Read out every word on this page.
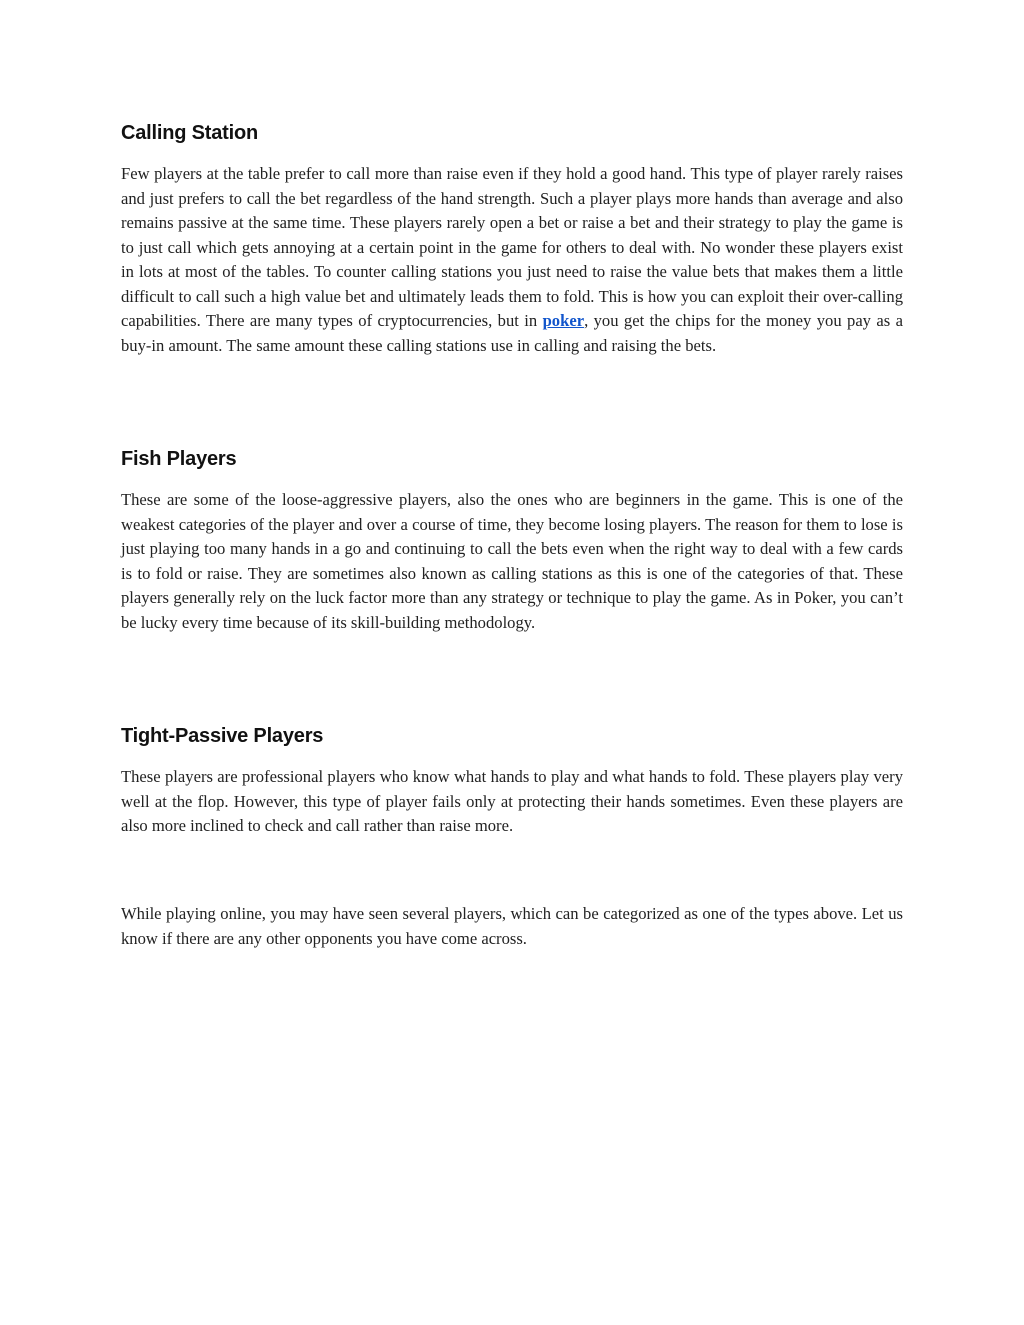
Calling Station

Few players at the table prefer to call more than raise even if they hold a good hand. This type of player rarely raises and just prefers to call the bet regardless of the hand strength. Such a player plays more hands than average and also remains passive at the same time. These players rarely open a bet or raise a bet and their strategy to play the game is to just call which gets annoying at a certain point in the game for others to deal with. No wonder these players exist in lots at most of the tables. To counter calling stations you just need to raise the value bets that makes them a little difficult to call such a high value bet and ultimately leads them to fold. This is how you can exploit their over-calling capabilities. There are many types of cryptocurrencies, but in poker, you get the chips for the money you pay as a buy-in amount. The same amount these calling stations use in calling and raising the bets.

Fish Players

These are some of the loose-aggressive players, also the ones who are beginners in the game. This is one of the weakest categories of the player and over a course of time, they become losing players. The reason for them to lose is just playing too many hands in a go and continuing to call the bets even when the right way to deal with a few cards is to fold or raise. They are sometimes also known as calling stations as this is one of the categories of that. These players generally rely on the luck factor more than any strategy or technique to play the game. As in Poker, you can’t be lucky every time because of its skill-building methodology.

Tight-Passive Players

These players are professional players who know what hands to play and what hands to fold. These players play very well at the flop. However, this type of player fails only at protecting their hands sometimes. Even these players are also more inclined to check and call rather than raise more.

While playing online, you may have seen several players, which can be categorized as one of the types above. Let us know if there are any other opponents you have come across.
